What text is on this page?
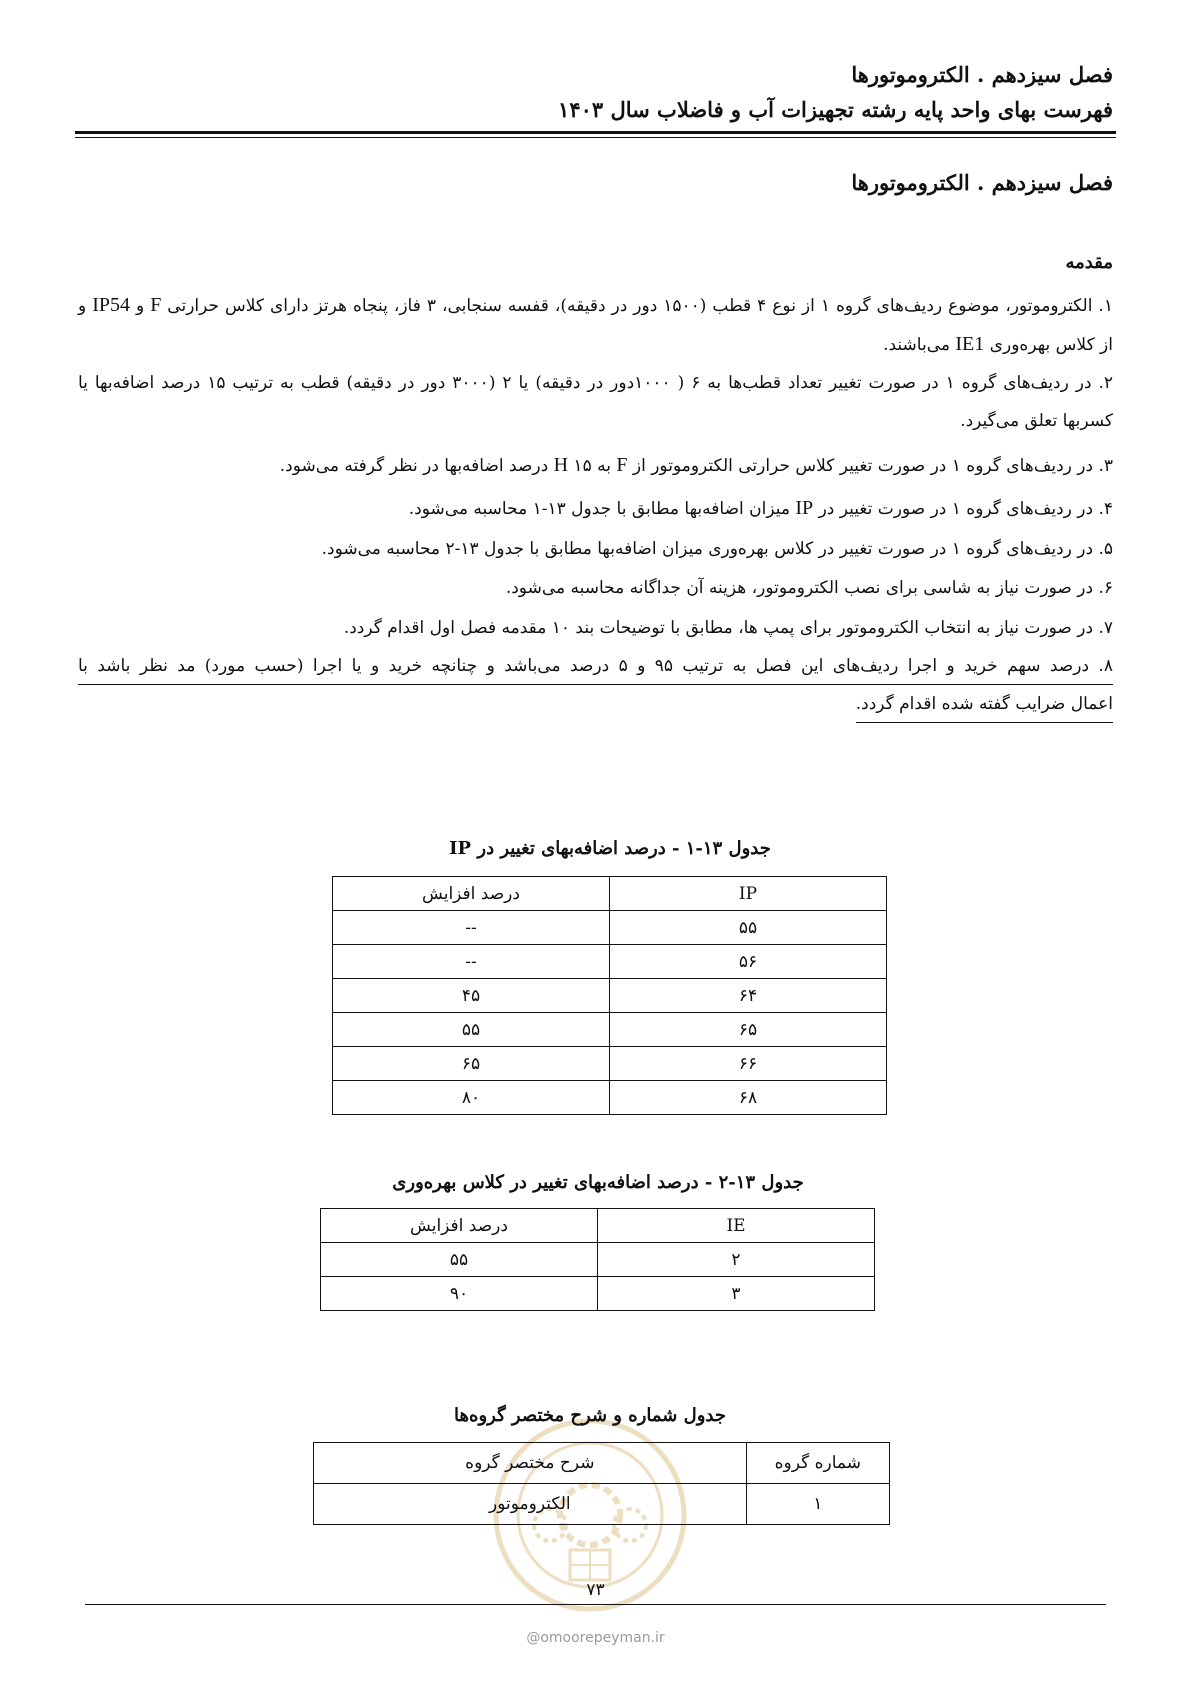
فصل سیزدهم . الکتروموتورها
فهرست بهای واحد پایه رشته تجهیزات آب و فاضلاب سال ۱۴۰۳
فصل سیزدهم . الکتروموتورها
مقدمه
۱. الکتروموتور، موضوع ردیف‌های گروه ۱ از نوع ۴ قطب (۱۵۰۰ دور در دقیقه)، قفسه سنجابی، ۳ فاز، پنجاه هرتز دارای کلاس حرارتی F و IP54 و از کلاس بهره‌وری IE1 می‌باشند.
۲. در ردیف‌های گروه ۱ در صورت تغییر تعداد قطب‌ها به ۶ ( ۱۰۰۰دور در دقیقه) یا ۲ (۳۰۰۰ دور در دقیقه) قطب به ترتیب ۱۵ درصد اضافه‌بها یا کسربها تعلق می‌گیرد.
۳. در ردیف‌های گروه ۱ در صورت تغییر کلاس حرارتی الکتروموتور از F به H ۱۵ درصد اضافه‌بها در نظر گرفته می‌شود.
۴. در ردیف‌های گروه ۱ در صورت تغییر در IP میزان اضافه‌بها مطابق با جدول ۱۳-۱ محاسبه می‌شود.
۵. در ردیف‌های گروه ۱ در صورت تغییر در کلاس بهره‌وری میزان اضافه‌بها مطابق با جدول ۱۳-۲ محاسبه می‌شود.
۶. در صورت نیاز به شاسی برای نصب الکتروموتور، هزینه آن جداگانه محاسبه می‌شود.
۷. در صورت نیاز به انتخاب الکتروموتور برای پمپ ها، مطابق با توضیحات بند ۱۰ مقدمه فصل اول اقدام گردد.
۸. درصد سهم خرید و اجرا ردیف‌های این فصل به ترتیب ۹۵ و ۵ درصد می‌باشد و چنانچه خرید و یا اجرا (حسب مورد) مد نظر باشد با
اعمال ضرایب گفته شده اقدام گردد.
جدول ۱۳-۱ - درصد اضافه‌بهای تغییر در IP
IP	درصد افزایش
۵۵	--
۵۶	--
۶۴	۴۵
۶۵	۵۵
۶۶	۶۵
۶۸	۸۰
جدول ۱۳-۲ - درصد اضافه‌بهای تغییر در کلاس بهره‌وری
IE	درصد افزایش
۲	۵۵
۳	۹۰
جدول شماره و شرح مختصر گروه‌ها
شماره گروه	شرح مختصر گروه
۱	الکتروموتور
۷۳
@omoorepeyman.ir
